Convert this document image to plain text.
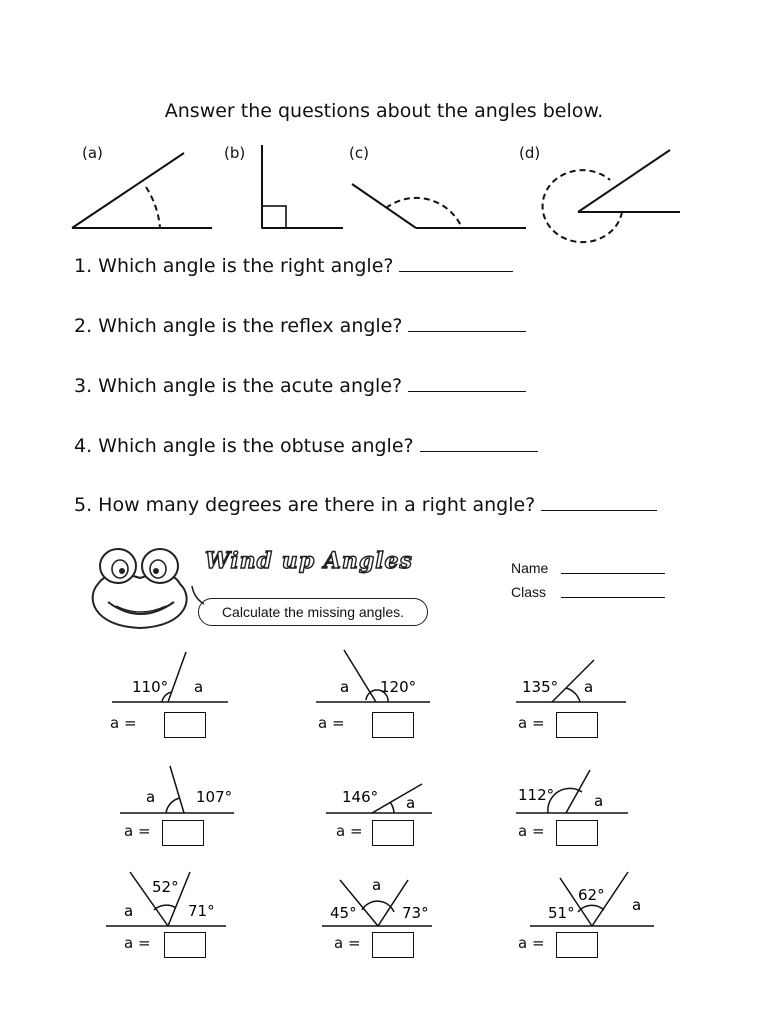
Answer the questions about the angles below.
(a)	(b)	(c)	(d)
1. Which angle is the right angle?
2. Which angle is the reflex angle?
3. Which angle is the acute angle?
4. Which angle is the obtuse angle?
5. How many degrees are there in a right angle?
Wind up Angles
Calculate the missing angles.
Name
Class
110° a	a 120°	135° a
a	107°	146° a	112°	a
52°
a	71°
a
45°	73°
62°
51°	a
a =	a =	a =
a =	a =	a =
a =	a =	a =
